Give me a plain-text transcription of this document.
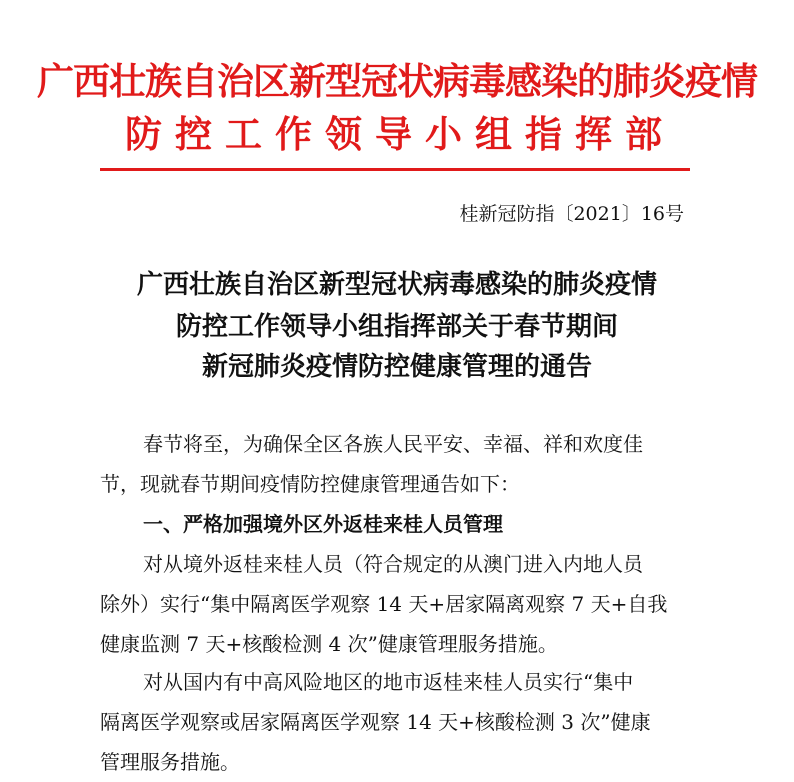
广西壮族自治区新型冠状病毒感染的肺炎疫情
防控工作领导小组指挥部
桂新冠防指〔2021〕16号
广西壮族自治区新型冠状病毒感染的肺炎疫情
防控工作领导小组指挥部关于春节期间
新冠肺炎疫情防控健康管理的通告
春节将至，为确保全区各族人民平安、幸福、祥和欢度佳
节，现就春节期间疫情防控健康管理通告如下：
一、严格加强境外区外返桂来桂人员管理
对从境外返桂来桂人员（符合规定的从澳门进入内地人员
除外）实行“集中隔离医学观察 14 天+居家隔离观察 7 天+自我
健康监测 7 天+核酸检测 4 次”健康管理服务措施。
对从国内有中高风险地区的地市返桂来桂人员实行“集中
隔离医学观察或居家隔离医学观察 14 天+核酸检测 3 次”健康
管理服务措施。
